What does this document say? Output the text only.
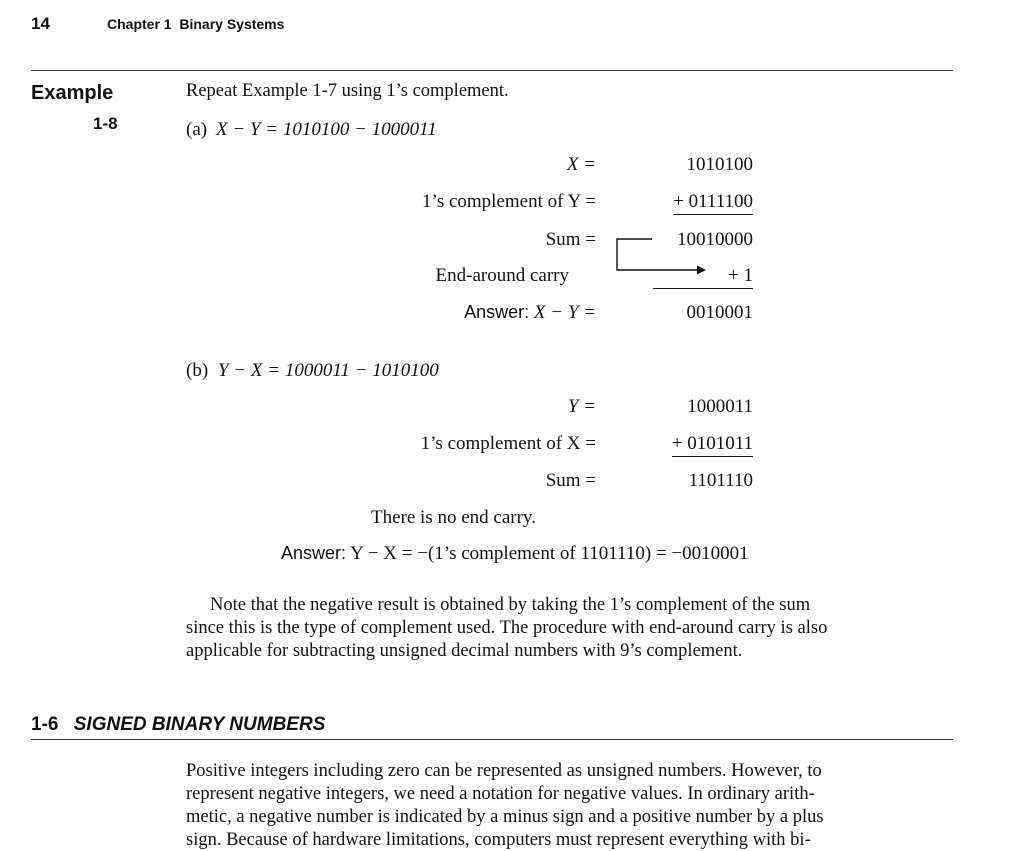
14	Chapter 1  Binary Systems
Example
1-8
Repeat Example 1-7 using 1’s complement.
(a) X − Y = 1010100 − 1000011
X =	1010100
1’s complement of Y =	+ 0111100
Sum =	10010000
End-around carry	+ 1
Answer: X − Y =	0010001
(b) Y − X = 1000011 − 1010100
Y =	1000011
1’s complement of X =	+ 0101011
Sum =	1101110
There is no end carry.
Answer: Y − X = −(1’s complement of 1101110) = −0010001
Note that the negative result is obtained by taking the 1’s complement of the sum
since this is the type of complement used. The procedure with end-around carry is also
applicable for subtracting unsigned decimal numbers with 9’s complement.
1-6 SIGNED BINARY NUMBERS
Positive integers including zero can be represented as unsigned numbers. However, to
represent negative integers, we need a notation for negative values. In ordinary arith-
metic, a negative number is indicated by a minus sign and a positive number by a plus
sign. Because of hardware limitations, computers must represent everything with bi-
